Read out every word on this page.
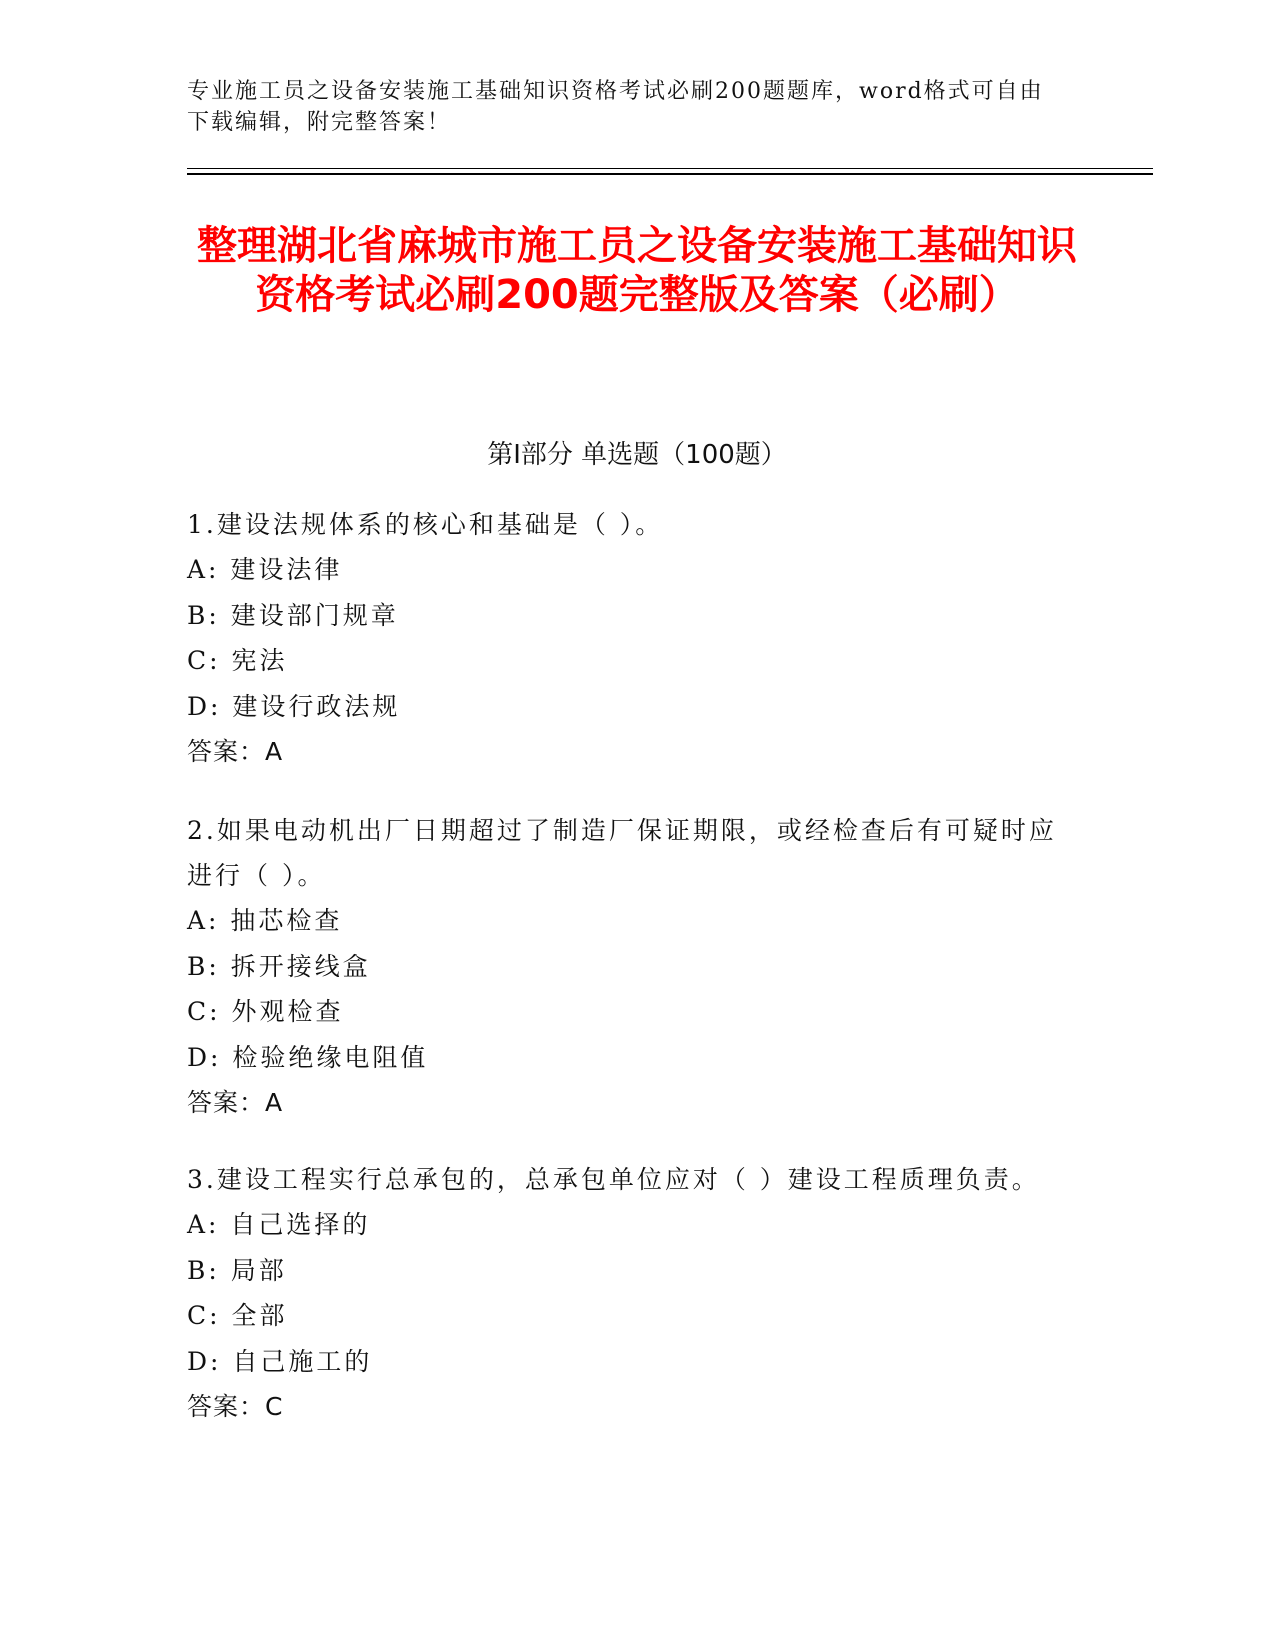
专业施工员之设备安装施工基础知识资格考试必刷200题题库，word格式可自由下载编辑，附完整答案！
整理湖北省麻城市施工员之设备安装施工基础知识资格考试必刷200题完整版及答案（必刷）
第Ⅰ部分 单选题（100题）
1.建设法规体系的核心和基础是（ ）。
A: 建设法律
B: 建设部门规章
C: 宪法
D: 建设行政法规
答案：A
2.如果电动机出厂日期超过了制造厂保证期限，或经检查后有可疑时应进行（ ）。
A: 抽芯检查
B: 拆开接线盒
C: 外观检查
D: 检验绝缘电阻值
答案：A
3.建设工程实行总承包的，总承包单位应对（ ）建设工程质理负责。
A: 自己选择的
B: 局部
C: 全部
D: 自己施工的
答案：C
